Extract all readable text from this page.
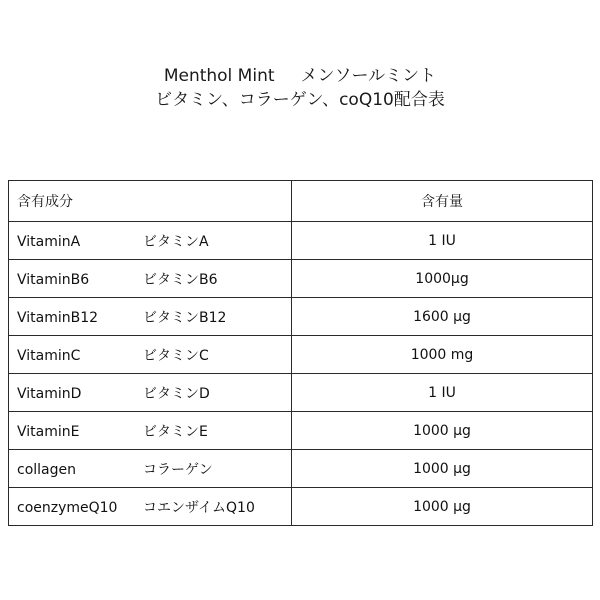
Menthol Mint メンソールミント
ビタミン、コラーゲン、coQ10配合表
含有成分	含有量
VitaminA ビタミンA	1 IU
VitaminB6 ビタミンB6	1000μg
VitaminB12 ビタミンB12	1600 μg
VitaminC ビタミンC	1000 mg
VitaminD ビタミンD	1 IU
VitaminE ビタミンE	1000 μg
collagen コラーゲン	1000 μg
coenzymeQ10 コエンザイムQ10	1000 μg
